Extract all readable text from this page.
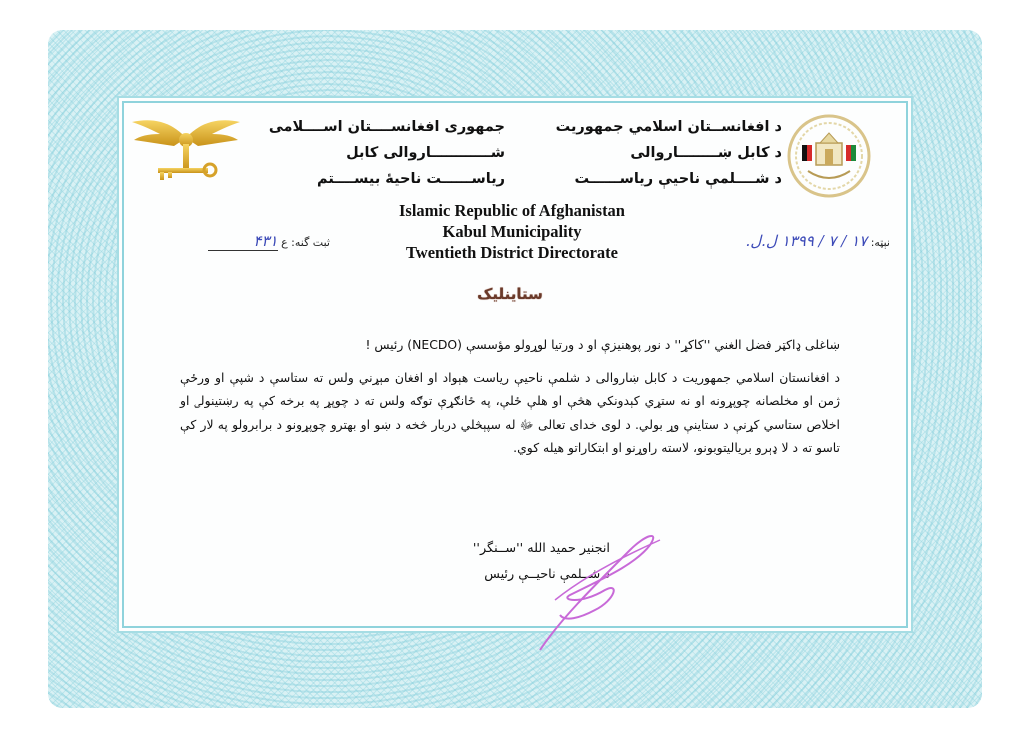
د افغانســتان اسلامي جمهوریت
د کابل ښــــــــاروالی
د شــــلمې ناحیې ریاســــــت
جمهوری افغانســــتان اســــلامی
شــــــــــــاروالی کابل
ریاســــــت ناحیهٔ بیســــتم
Islamic Republic of Afghanistan
Kabul Municipality
Twentieth District Directorate
نېټه: ۱۷ / ۷ / ۱۳۹۹ ل.ل.
ثبت گنه: ع ۴۳۱
ستاینلیک

ښاغلی ډاکټر فضل الغني ''کاکړ'' د نور پوهنیزې او د ورتیا لوړولو مؤسسې (NECDO) رئیس !

د افغانستان اسلامي جمهوریت د کابل ښاروالی د شلمې ناحیې ریاست هېواد او افغان مېړني ولس ته ستاسې د شپې او ورځې ژمن او مخلصانه چوپړونه او نه ستړي کېدونکي هڅې او هلې ځلې، په ځانګړې توګه ولس ته د چوپړ په برخه کې په رښتینولۍ او اخلاص ستاسي کړنې د ستاینې وړ بولي. د لوی خدای تعالی ﷻ له سپېڅلي دربار څخه د ښو او بهترو چوپړونو د برابرولو په لار کې تاسو ته د لا ډېرو بریالیتوبونو، لاسته راوړنو او ابتکاراتو هیله کوي.

انجنیر حمید الله ''ســنگر''
د شــلمې ناحیــې رئیس
